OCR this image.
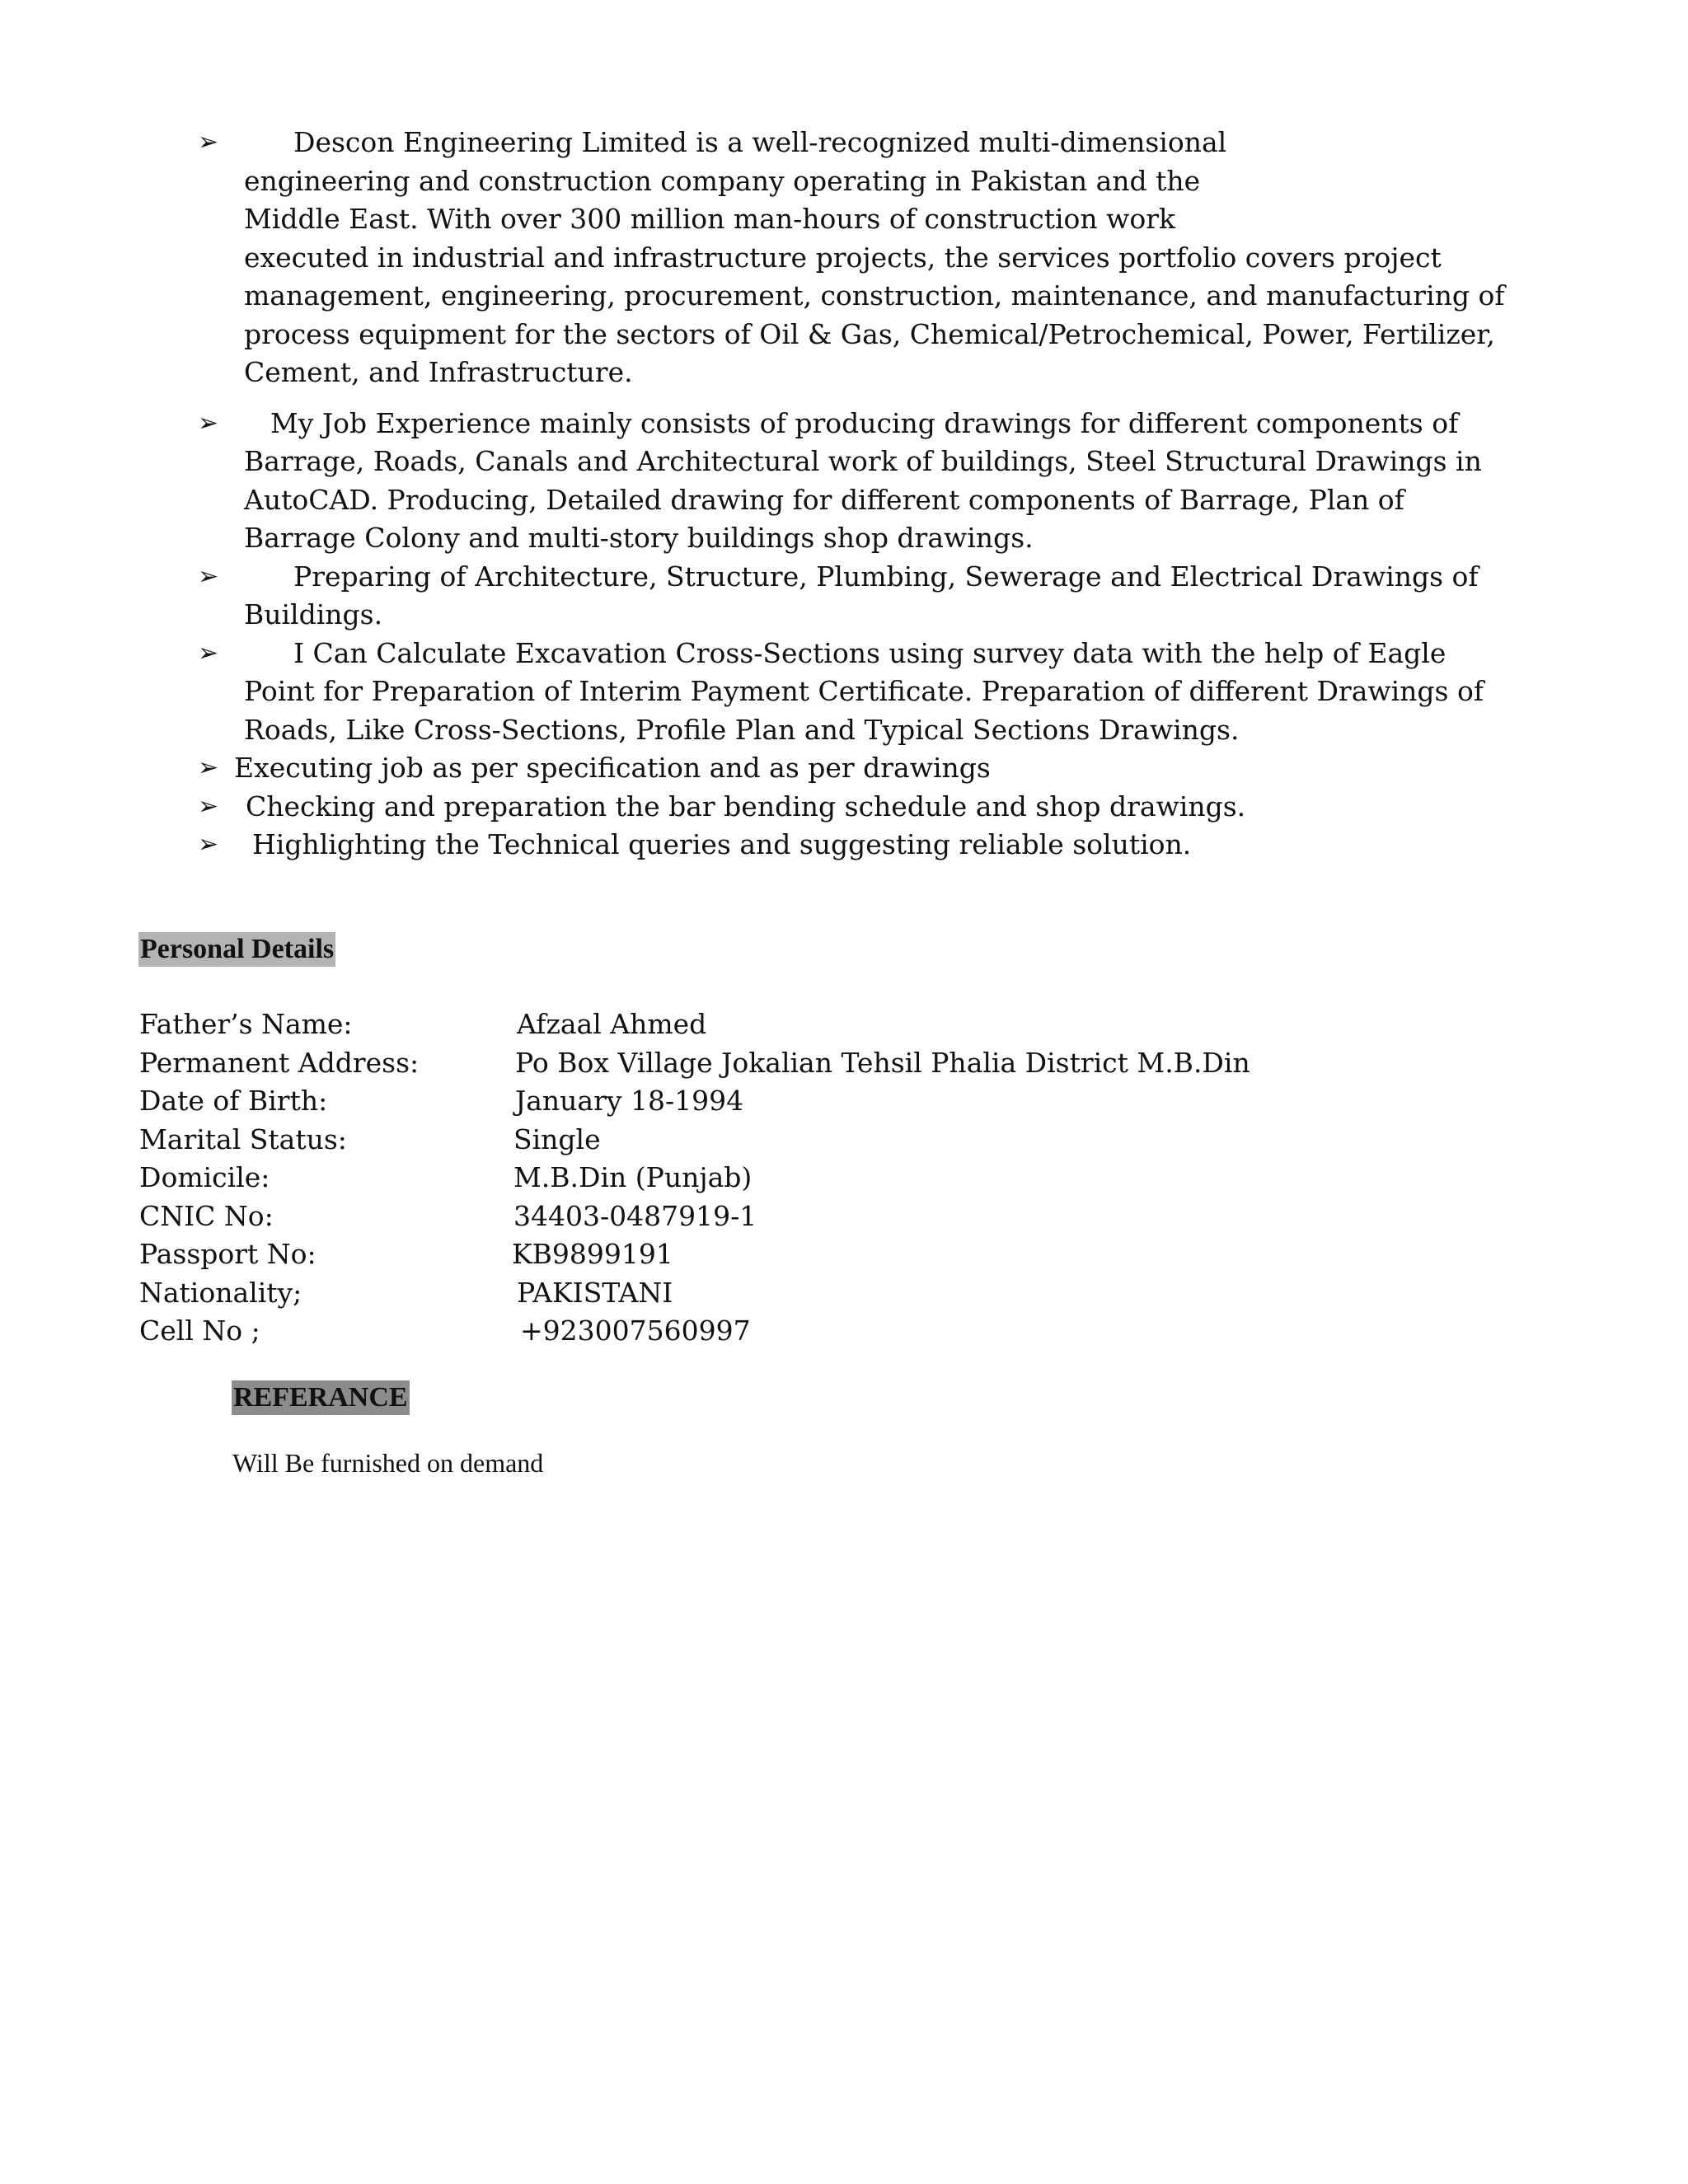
➢	Descon Engineering Limited is a well-recognized multi-dimensional
engineering and construction company operating in Pakistan and the
Middle East. With over 300 million man-hours of construction work
executed in industrial and infrastructure projects, the services portfolio covers project
management, engineering, procurement, construction, maintenance, and manufacturing of
process equipment for the sectors of Oil & Gas, Chemical/Petrochemical, Power, Fertilizer,
Cement, and Infrastructure.
➢	My Job Experience mainly consists of producing drawings for different components of
Barrage, Roads, Canals and Architectural work of buildings, Steel Structural Drawings in
AutoCAD. Producing, Detailed drawing for different components of Barrage, Plan of
Barrage Colony and multi-story buildings shop drawings.
➢	Preparing of Architecture, Structure, Plumbing, Sewerage and Electrical Drawings of
Buildings.
➢	I Can Calculate Excavation Cross-Sections using survey data with the help of Eagle
Point for Preparation of Interim Payment Certificate. Preparation of different Drawings of
Roads, Like Cross-Sections, Profile Plan and Typical Sections Drawings.
➢ Executing job as per specification and as per drawings
➢ Checking and preparation the bar bending schedule and shop drawings.
➢	Highlighting the Technical queries and suggesting reliable solution.
Personal Details
Father’s Name:	Afzaal Ahmed
Permanent Address:	Po Box Village Jokalian Tehsil Phalia District M.B.Din
Date of Birth:	January 18-1994
Marital Status:	Single
Domicile:	M.B.Din (Punjab)
CNIC No:	34403-0487919-1
Passport No:	KB9899191
Nationality;	PAKISTANI
Cell No ;	+923007560997
REFERANCE
Will Be furnished on demand
